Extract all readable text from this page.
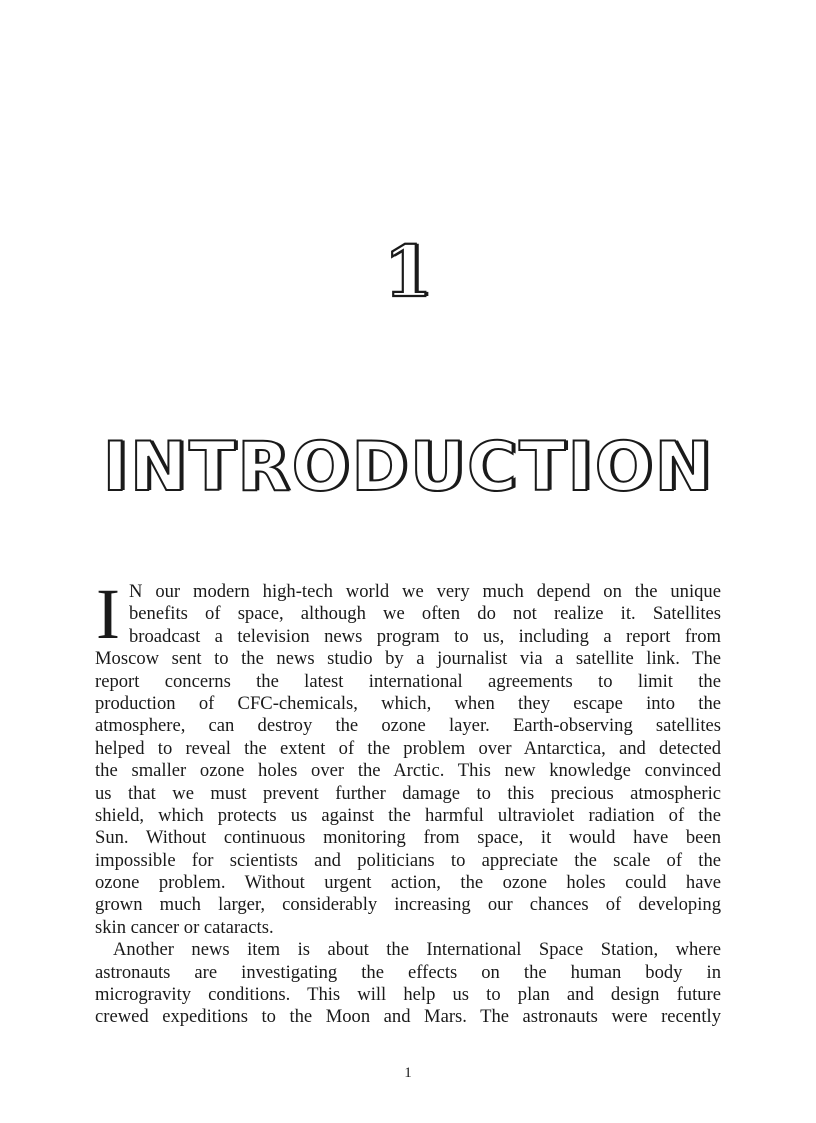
1
INTRODUCTION
I N our modern high-tech world we very much depend on the unique
benefits of space, although we often do not realize it. Satellites
broadcast a television news program to us, including a report from
Moscow sent to the news studio by a journalist via a satellite link. The
report concerns the latest international agreements to limit the
production of CFC-chemicals, which, when they escape into the
atmosphere, can destroy the ozone layer. Earth-observing satellites
helped to reveal the extent of the problem over Antarctica, and detected
the smaller ozone holes over the Arctic. This new knowledge convinced
us that we must prevent further damage to this precious atmospheric
shield, which protects us against the harmful ultraviolet radiation of the
Sun. Without continuous monitoring from space, it would have been
impossible for scientists and politicians to appreciate the scale of the
ozone problem. Without urgent action, the ozone holes could have
grown much larger, considerably increasing our chances of developing
skin cancer or cataracts.
Another news item is about the International Space Station, where
astronauts are investigating the effects on the human body in
microgravity conditions. This will help us to plan and design future
crewed expeditions to the Moon and Mars. The astronauts were recently
1
